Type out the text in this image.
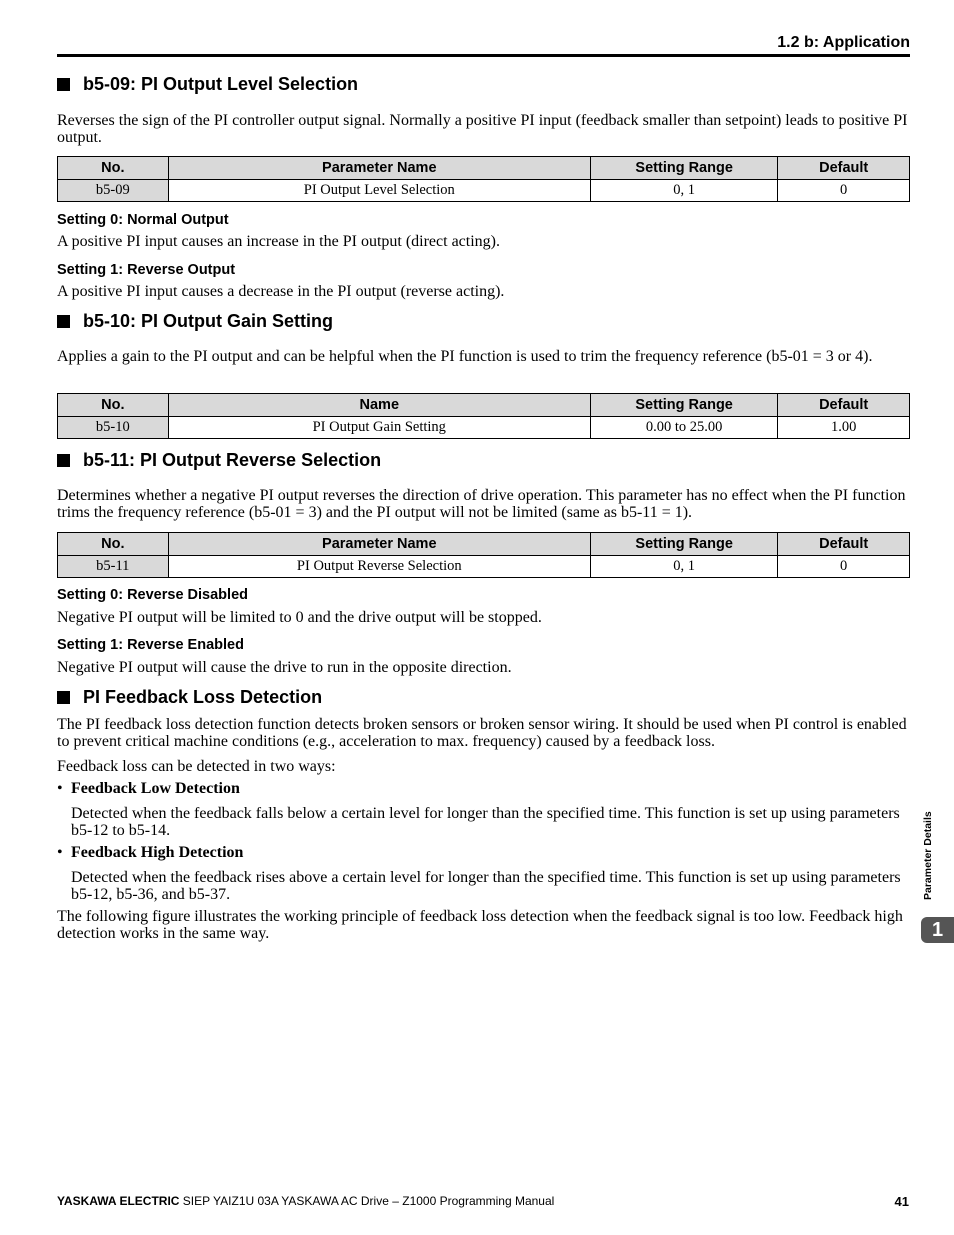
1.2 b: Application
b5-09: PI Output Level Selection
Reverses the sign of the PI controller output signal. Normally a positive PI input (feedback smaller than setpoint) leads to positive PI output.
No.	Parameter Name	Setting Range	Default
b5-09	PI Output Level Selection	0, 1	0
Setting 0: Normal Output
A positive PI input causes an increase in the PI output (direct acting).
Setting 1: Reverse Output
A positive PI input causes a decrease in the PI output (reverse acting).
b5-10: PI Output Gain Setting
Applies a gain to the PI output and can be helpful when the PI function is used to trim the frequency reference (b5-01 = 3 or 4).
No.	Name	Setting Range	Default
b5-10	PI Output Gain Setting	0.00 to 25.00	1.00
b5-11: PI Output Reverse Selection
Determines whether a negative PI output reverses the direction of drive operation. This parameter has no effect when the PI function trims the frequency reference (b5-01 = 3) and the PI output will not be limited (same as b5-11 = 1).
No.	Parameter Name	Setting Range	Default
b5-11	PI Output Reverse Selection	0, 1	0
Setting 0: Reverse Disabled
Negative PI output will be limited to 0 and the drive output will be stopped.
Setting 1: Reverse Enabled
Negative PI output will cause the drive to run in the opposite direction.
PI Feedback Loss Detection
The PI feedback loss detection function detects broken sensors or broken sensor wiring. It should be used when PI control is enabled to prevent critical machine conditions (e.g., acceleration to max. frequency) caused by a feedback loss.
Feedback loss can be detected in two ways:
• Feedback Low Detection
Detected when the feedback falls below a certain level for longer than the specified time. This function is set up using parameters b5-12 to b5-14.
• Feedback High Detection
Detected when the feedback rises above a certain level for longer than the specified time. This function is set up using parameters b5-12, b5-36, and b5-37.
The following figure illustrates the working principle of feedback loss detection when the feedback signal is too low. Feedback high detection works in the same way.
Parameter Details
1
YASKAWA ELECTRIC SIEP YAIZ1U 03A YASKAWA AC Drive – Z1000 Programming Manual	41
